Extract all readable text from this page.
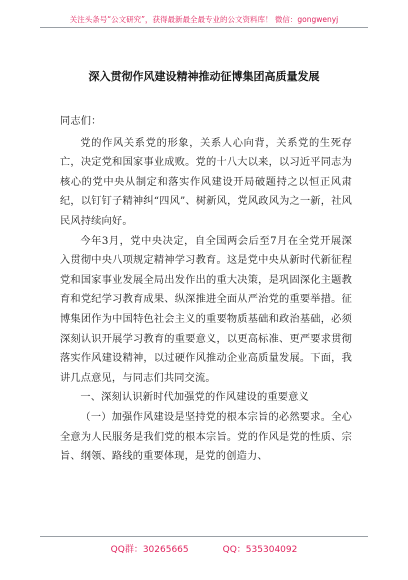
关注头条号“公文研究”，获得最新最全最专业的公文资料库！ 微信：gongwenyj
深入贯彻作风建设精神推动征博集团高质量发展

同志们：

党的作风关系党的形象，关系人心向背，关系党的生死存亡，决定党和国家事业成败。党的十八大以来，以习近平同志为核心的党中央从制定和落实作风建设开局破题持之以恒正风肃纪，以钉钉子精神纠“四风”、树新风，党风政风为之一新，社风民风持续向好。

今年3月，党中央决定，自全国两会后至7月在全党开展深入贯彻中央八项规定精神学习教育。这是党中央从新时代新征程党和国家事业发展全局出发作出的重大决策，是巩固深化主题教育和党纪学习教育成果、纵深推进全面从严治党的重要举措。征博集团作为中国特色社会主义的重要物质基础和政治基础，必须深刻认识开展学习教育的重要意义，以更高标准、更严要求贯彻落实作风建设精神，以过硬作风推动企业高质量发展。下面，我讲几点意见，与同志们共同交流。

一、深刻认识新时代加强党的作风建设的重要意义

（一）加强作风建设是坚持党的根本宗旨的必然要求。全心全意为人民服务是我们党的根本宗旨。党的作风是党的性质、宗旨、纲领、路线的重要体现，是党的创造力、

QQ群：30265665	QQ：535304092
